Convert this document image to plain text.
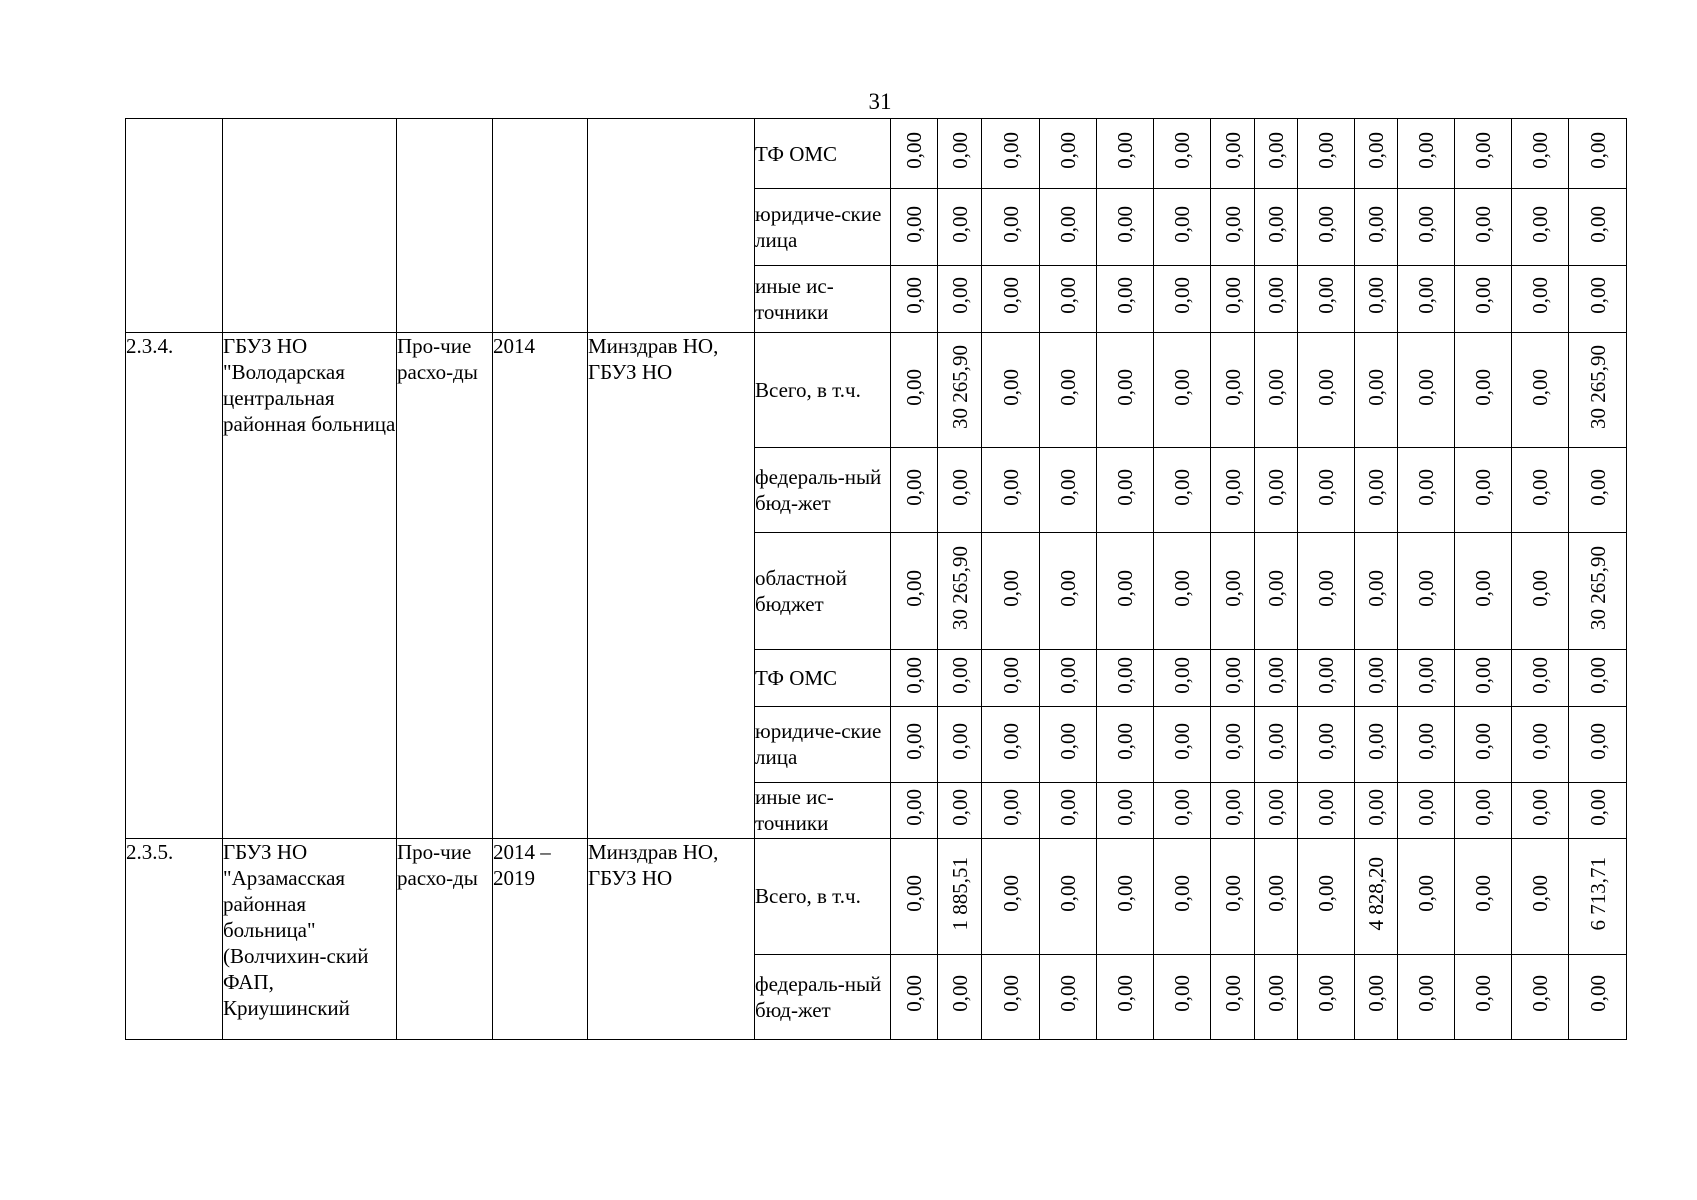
31
					ТФ ОМС	0,00	0,00	0,00	0,00	0,00	0,00	0,00	0,00	0,00	0,00	0,00	0,00	0,00	0,00
					юридиче-ские лица	0,00	0,00	0,00	0,00	0,00	0,00	0,00	0,00	0,00	0,00	0,00	0,00	0,00	0,00
					иные ис-точники	0,00	0,00	0,00	0,00	0,00	0,00	0,00	0,00	0,00	0,00	0,00	0,00	0,00	0,00
2.3.4.	ГБУЗ НО "Володарская центральная районная больница	Про-чие расхо-ды	2014	Минздрав НО, ГБУЗ НО	Всего, в т.ч.	0,00	30 265,90	0,00	0,00	0,00	0,00	0,00	0,00	0,00	0,00	0,00	0,00	0,00	30 265,90
					федераль-ный бюд-жет	0,00	0,00	0,00	0,00	0,00	0,00	0,00	0,00	0,00	0,00	0,00	0,00	0,00	0,00
					областной бюджет	0,00	30 265,90	0,00	0,00	0,00	0,00	0,00	0,00	0,00	0,00	0,00	0,00	0,00	30 265,90
					ТФ ОМС	0,00	0,00	0,00	0,00	0,00	0,00	0,00	0,00	0,00	0,00	0,00	0,00	0,00	0,00
					юридиче-ские лица	0,00	0,00	0,00	0,00	0,00	0,00	0,00	0,00	0,00	0,00	0,00	0,00	0,00	0,00
					иные ис-точники	0,00	0,00	0,00	0,00	0,00	0,00	0,00	0,00	0,00	0,00	0,00	0,00	0,00	0,00
2.3.5.	ГБУЗ НО "Арзамасская районная больница" (Волчихин-ский ФАП, Криушинский	Про-чие расхо-ды	2014 – 2019	Минздрав НО, ГБУЗ НО	Всего, в т.ч.	0,00	1 885,51	0,00	0,00	0,00	0,00	0,00	0,00	0,00	4 828,20	0,00	0,00	0,00	6 713,71
					федераль-ный бюд-жет	0,00	0,00	0,00	0,00	0,00	0,00	0,00	0,00	0,00	0,00	0,00	0,00	0,00	0,00
